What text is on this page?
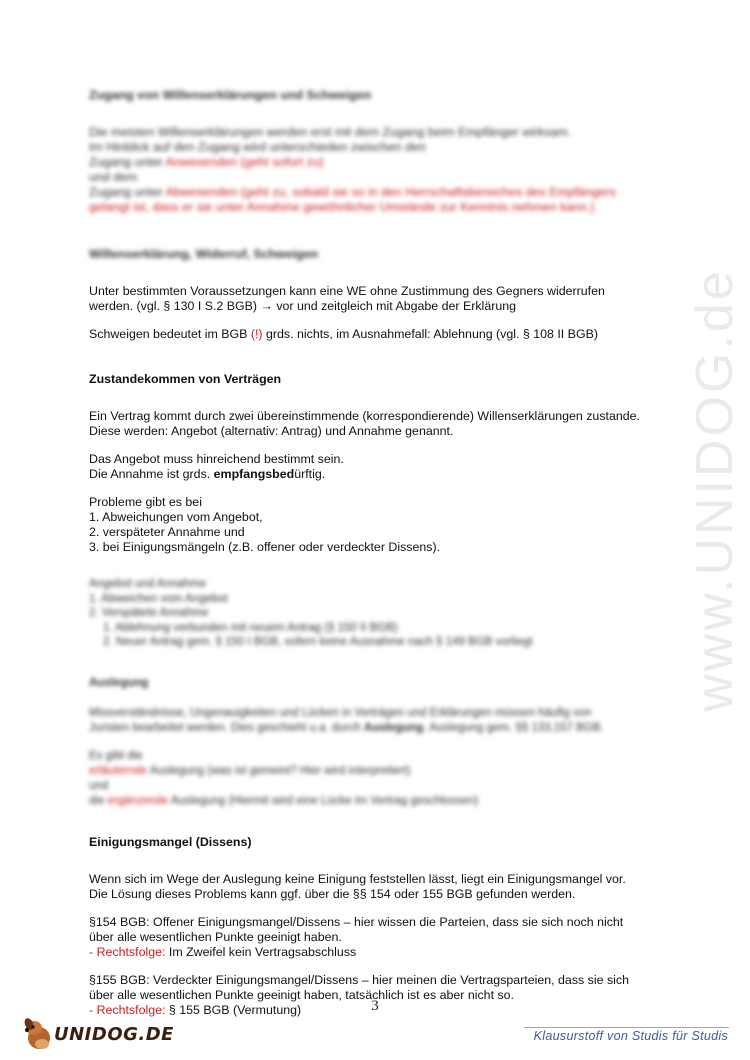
www.UNIDOG.de
Zugang von Willenserklärungen und Schweigen
Die meisten Willenserklärungen werden erst mit dem Zugang beim Empfänger wirksam.
Im Hinblick auf den Zugang wird unterschieden zwischen den
Zugang unter Anwesenden (geht sofort zu)
und dem
Zugang unter Abwesenden (geht zu, sobald sie so in den Herrschaftsbereiches des Empfängers
gelangt ist, dass er sie unter Annahme gewöhnlicher Umstände zur Kenntnis nehmen kann.)
Willenserklärung, Widerruf, Schweigen
Unter bestimmten Voraussetzungen kann eine WE ohne Zustimmung des Gegners widerrufen
werden. (vgl. § 130 I S.2 BGB) → vor und zeitgleich mit Abgabe der Erklärung
Schweigen bedeutet im BGB (!) grds. nichts, im Ausnahmefall: Ablehnung (vgl. § 108 II BGB)
Zustandekommen von Verträgen
Ein Vertrag kommt durch zwei übereinstimmende (korrespondierende) Willenserklärungen zustande.
Diese werden: Angebot (alternativ: Antrag) und Annahme genannt.
Das Angebot muss hinreichend bestimmt sein.
Die Annahme ist grds. empfangsbedürftig.
Probleme gibt es bei
1. Abweichungen vom Angebot,
2. verspäteter Annahme und
3. bei Einigungsmängeln (z.B. offener oder verdeckter Dissens).
Angebot und Annahme
1. Abweichen vom Angebot
2. Verspätete Annahme
1. Ablehnung verbunden mit neuem Antrag (§ 150 II BGB)
2. Neuer Antrag gem. § 150 I BGB, sofern keine Ausnahme nach § 149 BGB vorliegt
Auslegung
Missverständnisse, Ungenauigkeiten und Lücken in Verträgen und Erklärungen müssen häufig von
Juristen bearbeitet werden. Dies geschieht u.a. durch Auslegung. Auslegung gem. §§ 133,157 BGB.
Es gibt die
erläuternde Auslegung (was ist gemeint? Hier wird interpretiert)
und
die ergänzende Auslegung (Hiermit wird eine Lücke im Vertrag geschlossen)
Einigungsmangel (Dissens)
Wenn sich im Wege der Auslegung keine Einigung feststellen lässt, liegt ein Einigungsmangel vor.
Die Lösung dieses Problems kann ggf. über die §§ 154 oder 155 BGB gefunden werden.
§154 BGB: Offener Einigungsmangel/Dissens – hier wissen die Parteien, dass sie sich noch nicht
über alle wesentlichen Punkte geeinigt haben.
- Rechtsfolge: Im Zweifel kein Vertragsabschluss
§155 BGB: Verdeckter Einigungsmangel/Dissens – hier meinen die Vertragsparteien, dass sie sich
über alle wesentlichen Punkte geeinigt haben, tatsächlich ist es aber nicht so.
- Rechtsfolge: § 155 BGB (Vermutung)	3
UNIDOG.DE	Klausurstoff von Studis für Studis
